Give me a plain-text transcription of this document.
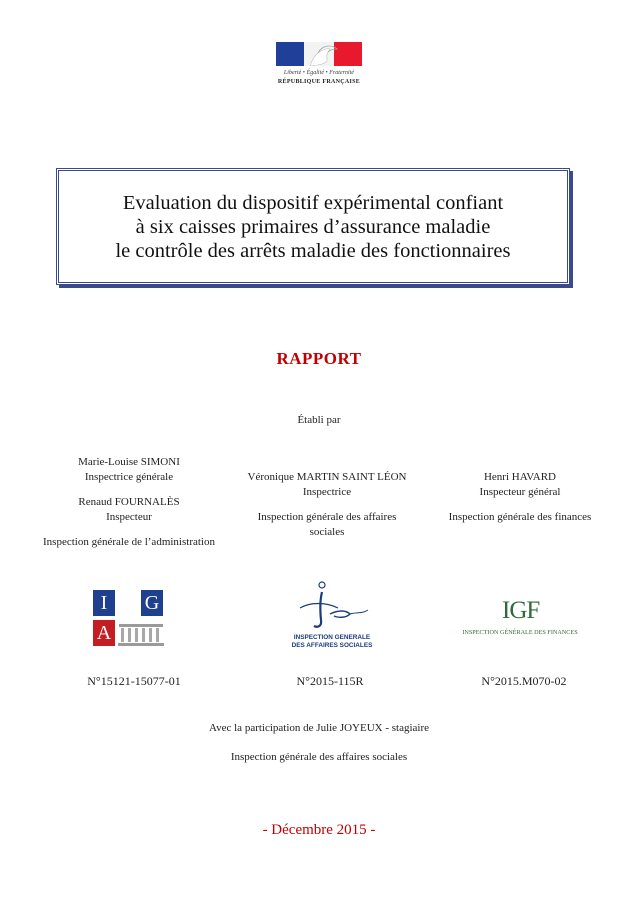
Liberté • Égalité • Fraternité
RÉPUBLIQUE FRANÇAISE
Evaluation du dispositif expérimental confiant
à six caisses primaires d’assurance maladie
le contrôle des arrêts maladie des fonctionnaires
RAPPORT
Établi par
Marie-Louise SIMONI
Inspectrice générale
Renaud FOURNALÈS
Inspecteur
Inspection générale de l’administration
Véronique MARTIN SAINT LÉON
Inspectrice
Inspection générale des affaires
sociales
Henri HAVARD
Inspecteur général
Inspection générale des finances
I	G
A	INSPECTION GENERALE
DES AFFAIRES SOCIALES
IGF
INSPECTION GÉNÉRALE DES FINANCES
N°15121-15077-01	N°2015-115R	N°2015.M070-02
Avec la participation de Julie JOYEUX - stagiaire
Inspection générale des affaires sociales
- Décembre 2015 -
